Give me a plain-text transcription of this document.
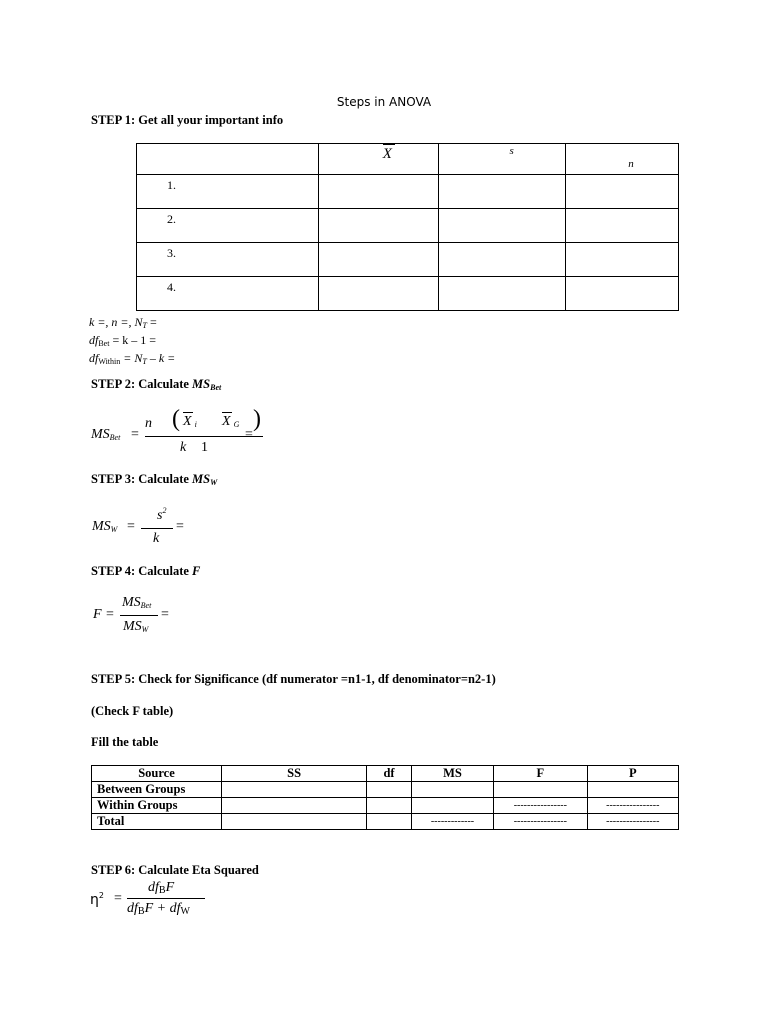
Steps in ANOVA
STEP 1: Get all your important info

	X	s	n

1.			
2.			
3.			
4.			
k =, n =, $N_T$ =
$df_{Bet} = k - 1$ =
$df_{Within} = N_T - k$ =
STEP 2: Calculate $MS_{Bet}$
$MS_{Bet}$ =
n ( X $_i$ X $_G$ )
k 1
=
STEP 3: Calculate $MS_W$
$MS_W$ =
$s^2$
k
=
STEP 4: Calculate F
F =
$MS_{Bet}$
$MS_W$
=
STEP 5: Check for Significance (df numerator =n1-1, df denominator=n2-1)
(Check F table)
Fill the table
Source	SS	df	MS	F	P
Between Groups					
Within Groups				----------------	----------------
Total			-------------	----------------	----------------
STEP 6: Calculate Eta Squared
$\eta^2$ =
$df_BF$
$df_BF + df_W$
